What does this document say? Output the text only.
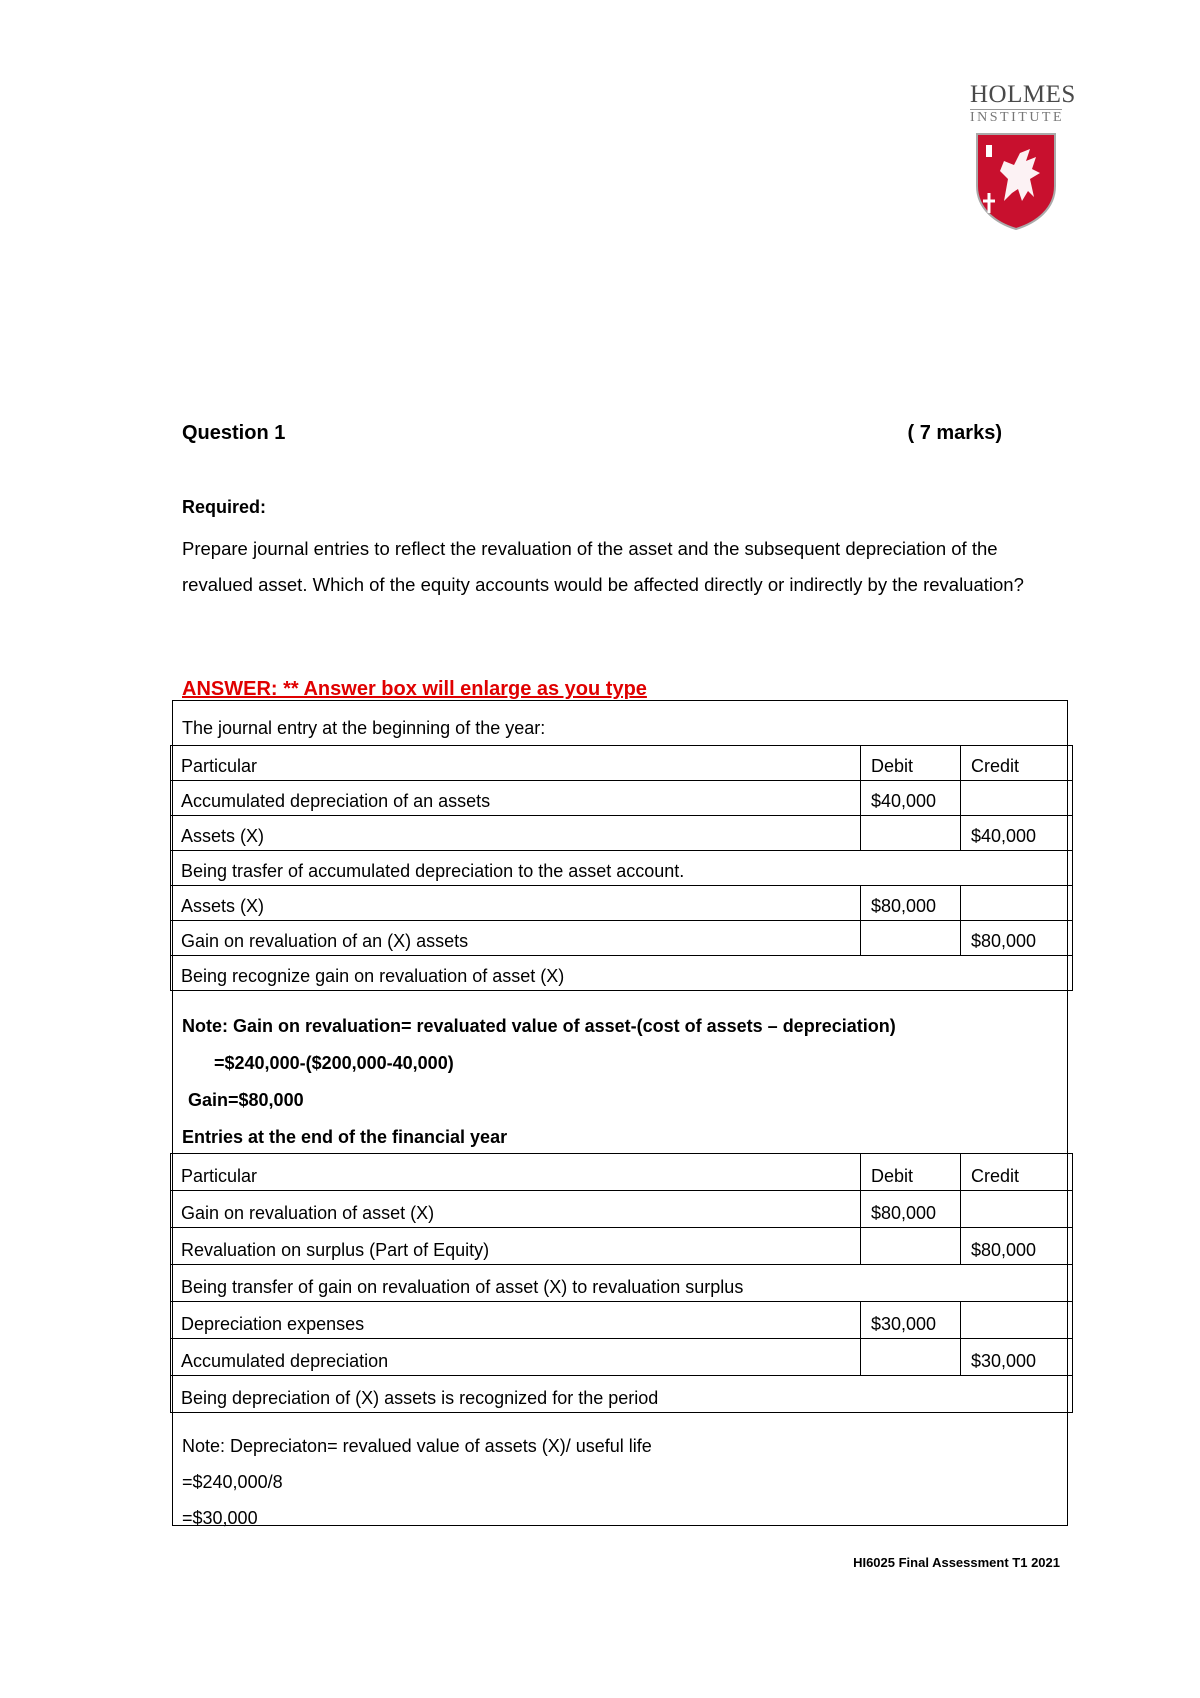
HOLMES
INSTITUTE
Question 1	( 7 marks)
Required:
Prepare journal entries to reflect the revaluation of the asset and the subsequent depreciation of the revalued asset. Which of the equity accounts would be affected directly or indirectly by the revaluation?
ANSWER: ** Answer box will enlarge as you type
The journal entry at the beginning of the year:
Particular	Debit	Credit
Accumulated depreciation of an assets	$40,000	
Assets (X)		$40,000
Being trasfer of accumulated depreciation to the asset account.		
Assets (X)	$80,000	
Gain on revaluation of an (X) assets		$80,000
Being recognize gain on revaluation of asset (X)		
Note: Gain on revaluation= revaluated value of asset-(cost of assets – depreciation)
=$240,000-($200,000-40,000)
Gain=$80,000
Entries at the end of the financial year
Particular	Debit	Credit
Gain on revaluation of asset (X)	$80,000	
Revaluation on surplus (Part of Equity)		$80,000
Being transfer of gain on revaluation of asset (X) to revaluation surplus		
Depreciation expenses	$30,000	
Accumulated depreciation		$30,000
Being depreciation of (X) assets is recognized for the period		
Note: Depreciaton= revalued value of assets (X)/ useful life
=$240,000/8
=$30,000
HI6025 Final Assessment T1 2021
